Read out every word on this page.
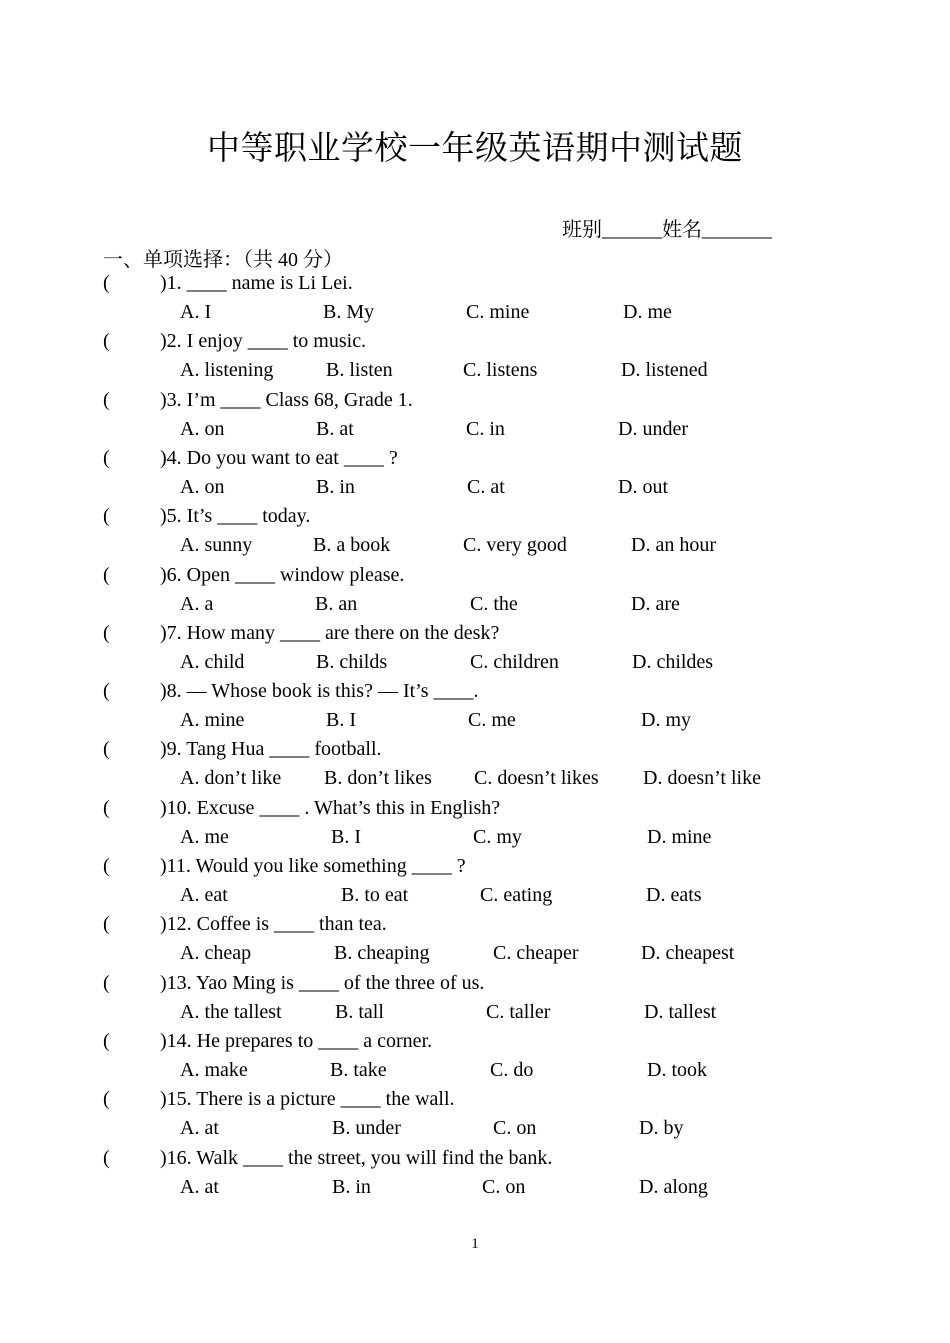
中等职业学校一年级英语期中测试题
班别______姓名_______
一、单项选择：（共 40 分）
(	)1. ____ name is Li Lei.
A. I	B. My	C. mine	D. me
(	)2. I enjoy ____ to music.
A. listening	B. listen	C. listens	D. listened
(	)3. I’m ____ Class 68, Grade 1.
A. on	B. at	C. in	D. under
(	)4. Do you want to eat ____ ?
A. on	B. in	C. at	D. out
(	)5. It’s ____ today.
A. sunny	B. a book	C. very good	D. an hour
(	)6. Open ____ window please.
A. a	B. an	C. the	D. are
(	)7. How many ____ are there on the desk?
A. child	B. childs	C. children	D. childes
(	)8. — Whose book is this? — It’s ____.
A. mine	B. I	C. me	D. my
(	)9. Tang Hua ____ football.
A. don’t like B. don’t likes C. doesn’t likes D. doesn’t like
(	)10. Excuse ____ . What’s this in English?
A. me	B. I	C. my	D. mine
(	)11. Would you like something ____ ?
A. eat	B. to eat	C. eating	D. eats
(	)12. Coffee is ____ than tea.
A. cheap	B. cheaping	C. cheaper	D. cheapest
(	)13. Yao Ming is ____ of the three of us.
A. the tallest	B. tall	C. taller	D. tallest
(	)14. He prepares to ____ a corner.
A. make	B. take	C. do	D. took
(	)15. There is a picture ____ the wall.
A. at	B. under	C. on	D. by
(	)16. Walk ____ the street, you will find the bank.
A. at	B. in	C. on	D. along
1
